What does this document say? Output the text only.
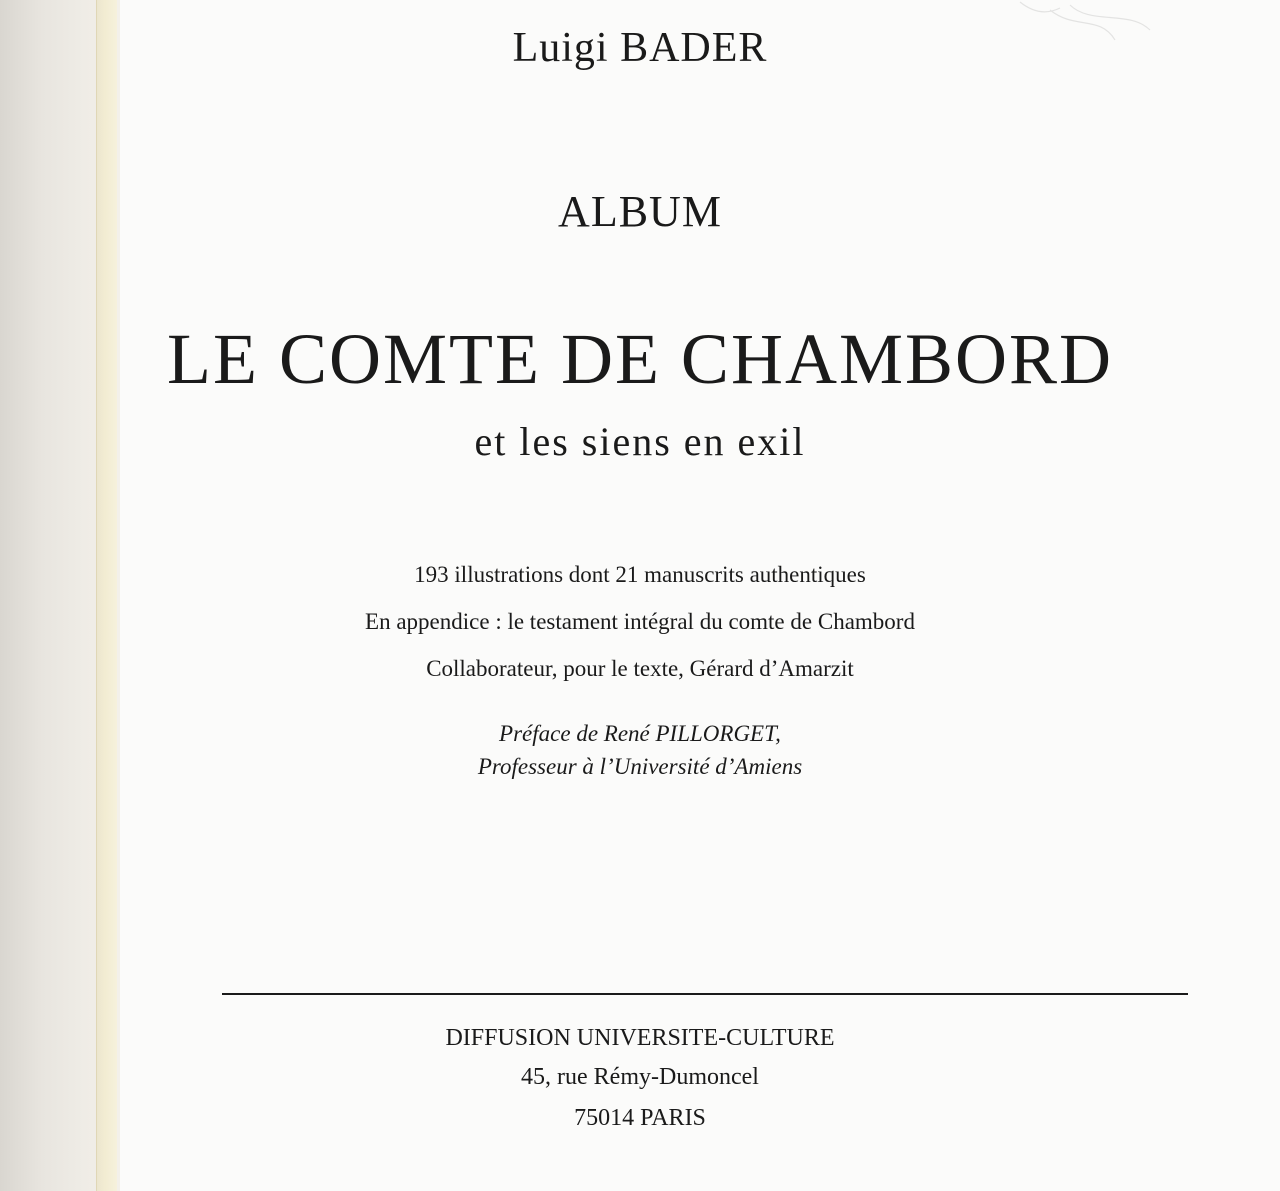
Luigi BADER
ALBUM
LE COMTE DE CHAMBORD
et les siens en exil
193 illustrations dont 21 manuscrits authentiques
En appendice : le testament intégral du comte de Chambord
Collaborateur, pour le texte, Gérard d’Amarzit
Préface de René PILLORGET,
Professeur à l’Université d’Amiens
DIFFUSION UNIVERSITE-CULTURE
45, rue Rémy-Dumoncel
75014 PARIS
